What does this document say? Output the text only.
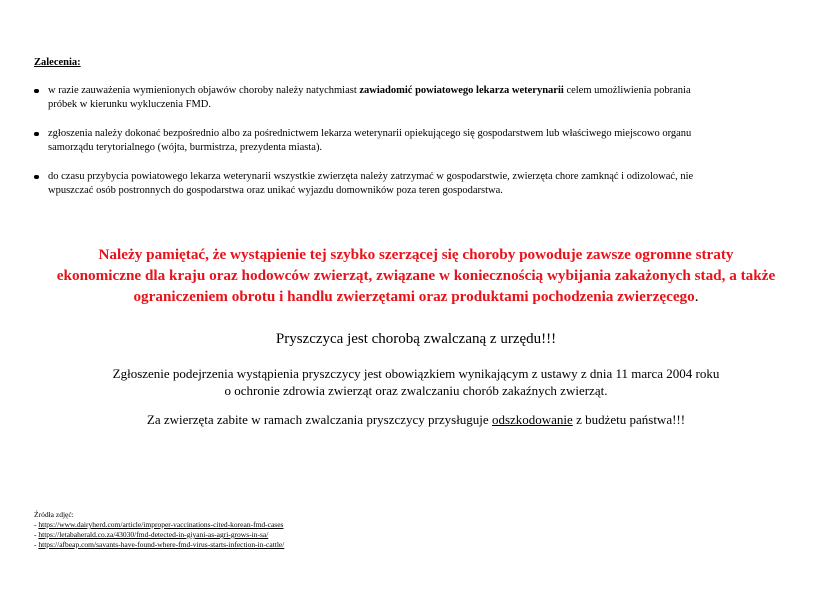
Zalecenia:
w razie zauważenia wymienionych objawów choroby należy natychmiast zawiadomić powiatowego lekarza weterynarii celem umożliwienia pobrania
próbek w kierunku wykluczenia FMD.
zgłoszenia należy dokonać bezpośrednio albo za pośrednictwem lekarza weterynarii opiekującego się gospodarstwem lub właściwego miejscowo organu
samorządu terytorialnego (wójta, burmistrza, prezydenta miasta).
do czasu przybycia powiatowego lekarza weterynarii wszystkie zwierzęta należy zatrzymać w gospodarstwie, zwierzęta chore zamknąć i odizolować, nie
wpuszczać osób postronnych do gospodarstwa oraz unikać wyjazdu domowników poza teren gospodarstwa.
Należy pamiętać, że wystąpienie tej szybko szerzącej się choroby powoduje zawsze ogromne straty
ekonomiczne dla kraju oraz hodowców zwierząt, związane w koniecznością wybijania zakażonych stad, a także
ograniczeniem obrotu i handlu zwierzętami oraz produktami pochodzenia zwierzęcego.
Pryszczyca jest chorobą zwalczaną z urzędu!!!
Zgłoszenie podejrzenia wystąpienia pryszczycy jest obowiązkiem wynikającym z ustawy z dnia 11 marca 2004 roku
o ochronie zdrowia zwierząt oraz zwalczaniu chorób zakaźnych zwierząt.
Za zwierzęta zabite w ramach zwalczania pryszczycy przysługuje odszkodowanie z budżetu państwa!!!
Źródła zdjęć:
- https://www.dairyherd.com/article/improper-vaccinations-cited-korean-fmd-cases
- https://letabaherald.co.za/43030/fmd-detected-in-giyani-as-agri-grows-in-sa/
- https://afbeap.com/savants-have-found-where-fmd-virus-starts-infection-in-cattle/
